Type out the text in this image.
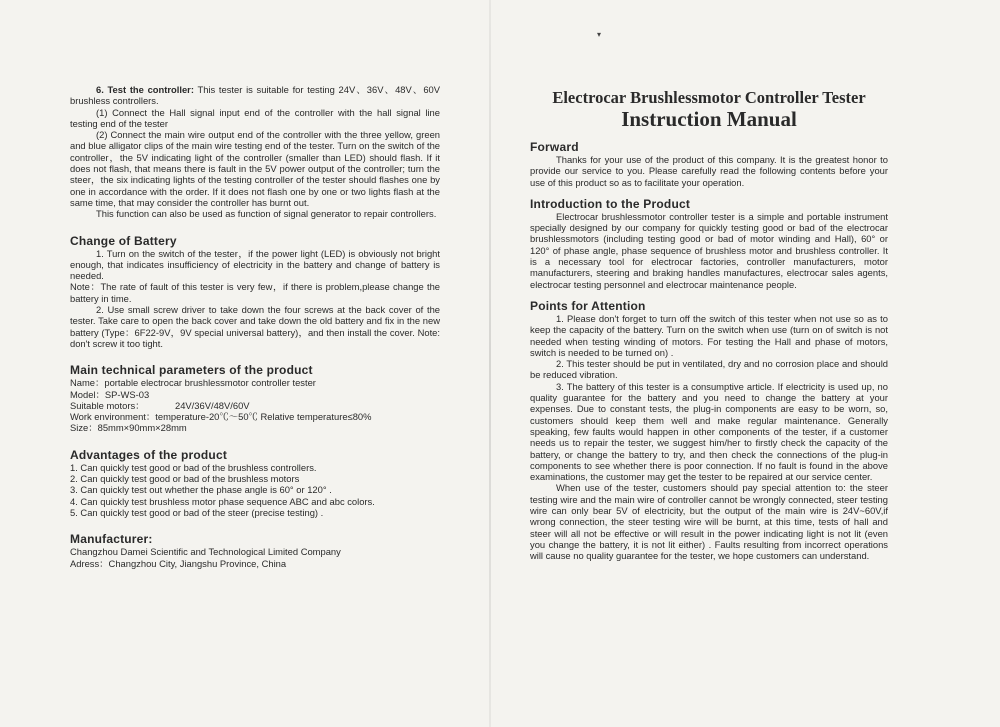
▾

6. Test the controller: This tester is suitable for testing 24V、36V、48V、60V brushless controllers.

(1) Connect the Hall signal input end of the controller with the hall signal line testing end of the tester

(2) Connect the main wire output end of the controller with the three yellow, green and blue alligator clips of the main wire testing end of the tester. Turn on the switch of the controller，the 5V indicating light of the controller (smaller than LED) should flash. If it does not flash, that means there is fault in the 5V power output of the controller; turn the steer，the six indicating lights of the testing controller of the tester should flashes one by one in accordance with the order. If it does not flash one by one or two lights flash at the same time, that may consider the controller has burnt out.

This function can also be used as function of signal generator to repair controllers.

Change of Battery

1. Turn on the switch of the tester，if the power light (LED) is obviously not bright enough, that indicates insufficiency of electricity in the battery and change of battery is needed.

Note：The rate of fault of this tester is very few，if there is problem,please change the battery in time.

2. Use small screw driver to take down the four screws at the back cover of the tester. Take care to open the back cover and take down the old battery and fix in the new battery (Type：6F22-9V，9V special universal battery)，and then install the cover. Note: don't screw it too tight.

Main technical parameters of the product

Name：portable electrocar brushlessmotor controller tester

Model：SP-WS-03

Suitable motors：	24V/36V/48V/60V

Work environment：temperature-20℃～50℃ Relative temperature≤80%

Size：85mm×90mm×28mm

Advantages of the product

1. Can quickly test good or bad of the brushless controllers.

2. Can quickly test good or bad of the brushless motors

3. Can quickly test out whether the phase angle is 60° or 120° .

4. Can quickly test brushless motor phase sequence ABC and abc colors.

5. Can quickly test good or bad of the steer (precise testing) .

Manufacturer:

Changzhou Damei Scientific and Technological Limited Company

Adress：Changzhou City, Jiangshu Province, China

Electrocar Brushlessmotor Controller Tester
Instruction Manual
Forward

Thanks for your use of the product of this company. It is the greatest honor to provide our service to you. Please carefully read the following contents before your use of this product so as to facilitate your operation.

Introduction to the Product

Electrocar brushlessmotor controller tester is a simple and portable instrument specially designed by our company for quickly testing good or bad of the electrocar brushlessmotors (including testing good or bad of motor winding and Hall), 60° or 120° of phase angle, phase sequence of brushless motor and brushless controller. It is a necessary tool for electrocar factories, controller manufacturers, motor manufacturers, steering and braking handles manufactures, electrocar sales agents, electrocar testing personnel and electrocar maintenance people.

Points for Attention

1. Please don't forget to turn off the switch of this tester when not use so as to keep the capacity of the battery. Turn on the switch when use (turn on of switch is not needed when testing winding of motors. For testing the Hall and phase of motors, switch is needed to be turned on) .

2. This tester should be put in ventilated, dry and no corrosion place and should be reduced vibration.

3. The battery of this tester is a consumptive article. If electricity is used up, no quality guarantee for the battery and you need to change the battery at your expenses. Due to constant tests, the plug-in components are easy to be worn, so, customers should keep them well and make regular maintenance. Generally speaking, few faults would happen in other components of the tester, if a customer needs us to repair the tester, we suggest him/her to firstly check the capacity of the battery, or change the battery to try, and then check the connections of the plug-in components to see whether there is poor connection. If no fault is found in the above examinations, the customer may get the tester to be repaired at our service center.

When use of the tester, customers should pay special attention to: the steer testing wire and the main wire of controller cannot be wrongly connected, steer testing wire can only bear 5V of electricity, but the output of the main wire is 24V~60V,if wrong connection, the steer testing wire will be burnt, at this time, tests of hall and steer will all not be effective or will result in the power indicating light is not lit (even you change the battery, it is not lit either) . Faults resulting from incorrect operations will cause no quality guarantee for the tester, we hope customers can understand.
